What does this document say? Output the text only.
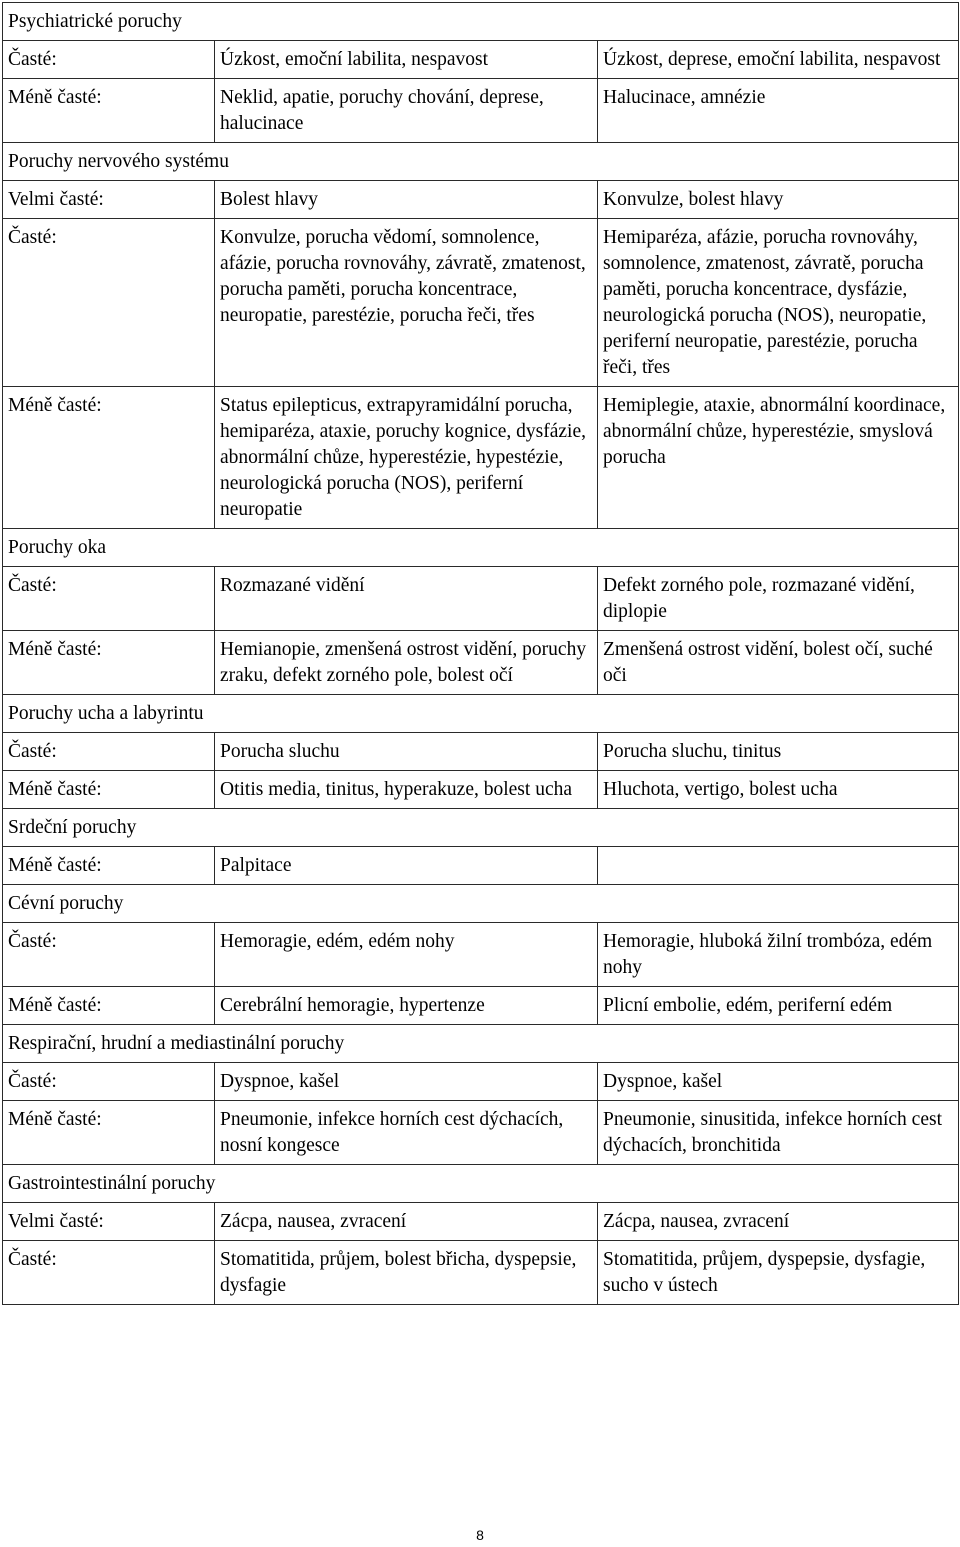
Psychiatrické poruchy		
Časté:	Úzkost, emoční labilita, nespavost	Úzkost, deprese, emoční labilita, nespavost
Méně časté:	Neklid, apatie, poruchy chování, deprese, halucinace	Halucinace, amnézie
Poruchy nervového systému		
Velmi časté:	Bolest hlavy	Konvulze, bolest hlavy
Časté:	Konvulze, porucha vědomí, somnolence, afázie, porucha rovnováhy, závratě, zmatenost, porucha paměti, porucha koncentrace, neuropatie, parestézie, porucha řeči, třes	Hemiparéza, afázie, porucha rovnováhy, somnolence, zmatenost, závratě, porucha paměti, porucha koncentrace, dysfázie, neurologická porucha (NOS), neuropatie, periferní neuropatie, parestézie, porucha řeči, třes
Méně časté:	Status epilepticus, extrapyramidální porucha, hemiparéza, ataxie, poruchy kognice, dysfázie, abnormální chůze, hyperestézie, hypestézie, neurologická porucha (NOS), periferní neuropatie	Hemiplegie, ataxie, abnormální koordinace, abnormální chůze, hyperestézie, smyslová porucha
Poruchy oka		
Časté:	Rozmazané vidění	Defekt zorného pole, rozmazané vidění, diplopie
Méně časté:	Hemianopie, zmenšená ostrost vidění, poruchy zraku, defekt zorného pole, bolest očí	Zmenšená ostrost vidění, bolest očí, suché oči
Poruchy ucha a labyrintu		
Časté:	Porucha sluchu	Porucha sluchu, tinitus
Méně časté:	Otitis media, tinitus, hyperakuze, bolest ucha	Hluchota, vertigo, bolest ucha
Srdeční poruchy		
Méně časté:	Palpitace	
Cévní poruchy		
Časté:	Hemoragie, edém, edém nohy	Hemoragie, hluboká žilní trombóza, edém nohy
Méně časté:	Cerebrální hemoragie, hypertenze	Plicní embolie, edém, periferní edém
Respirační, hrudní a mediastinální poruchy		
Časté:	Dyspnoe, kašel	Dyspnoe, kašel
Méně časté:	Pneumonie, infekce horních cest dýchacích, nosní kongesce	Pneumonie, sinusitida, infekce horních cest dýchacích, bronchitida
Gastrointestinální poruchy		
Velmi časté:	Zácpa, nausea, zvracení	Zácpa, nausea, zvracení
Časté:	Stomatitida, průjem, bolest břicha, dyspepsie, dysfagie	Stomatitida, průjem, dyspepsie, dysfagie, sucho v ústech
8
